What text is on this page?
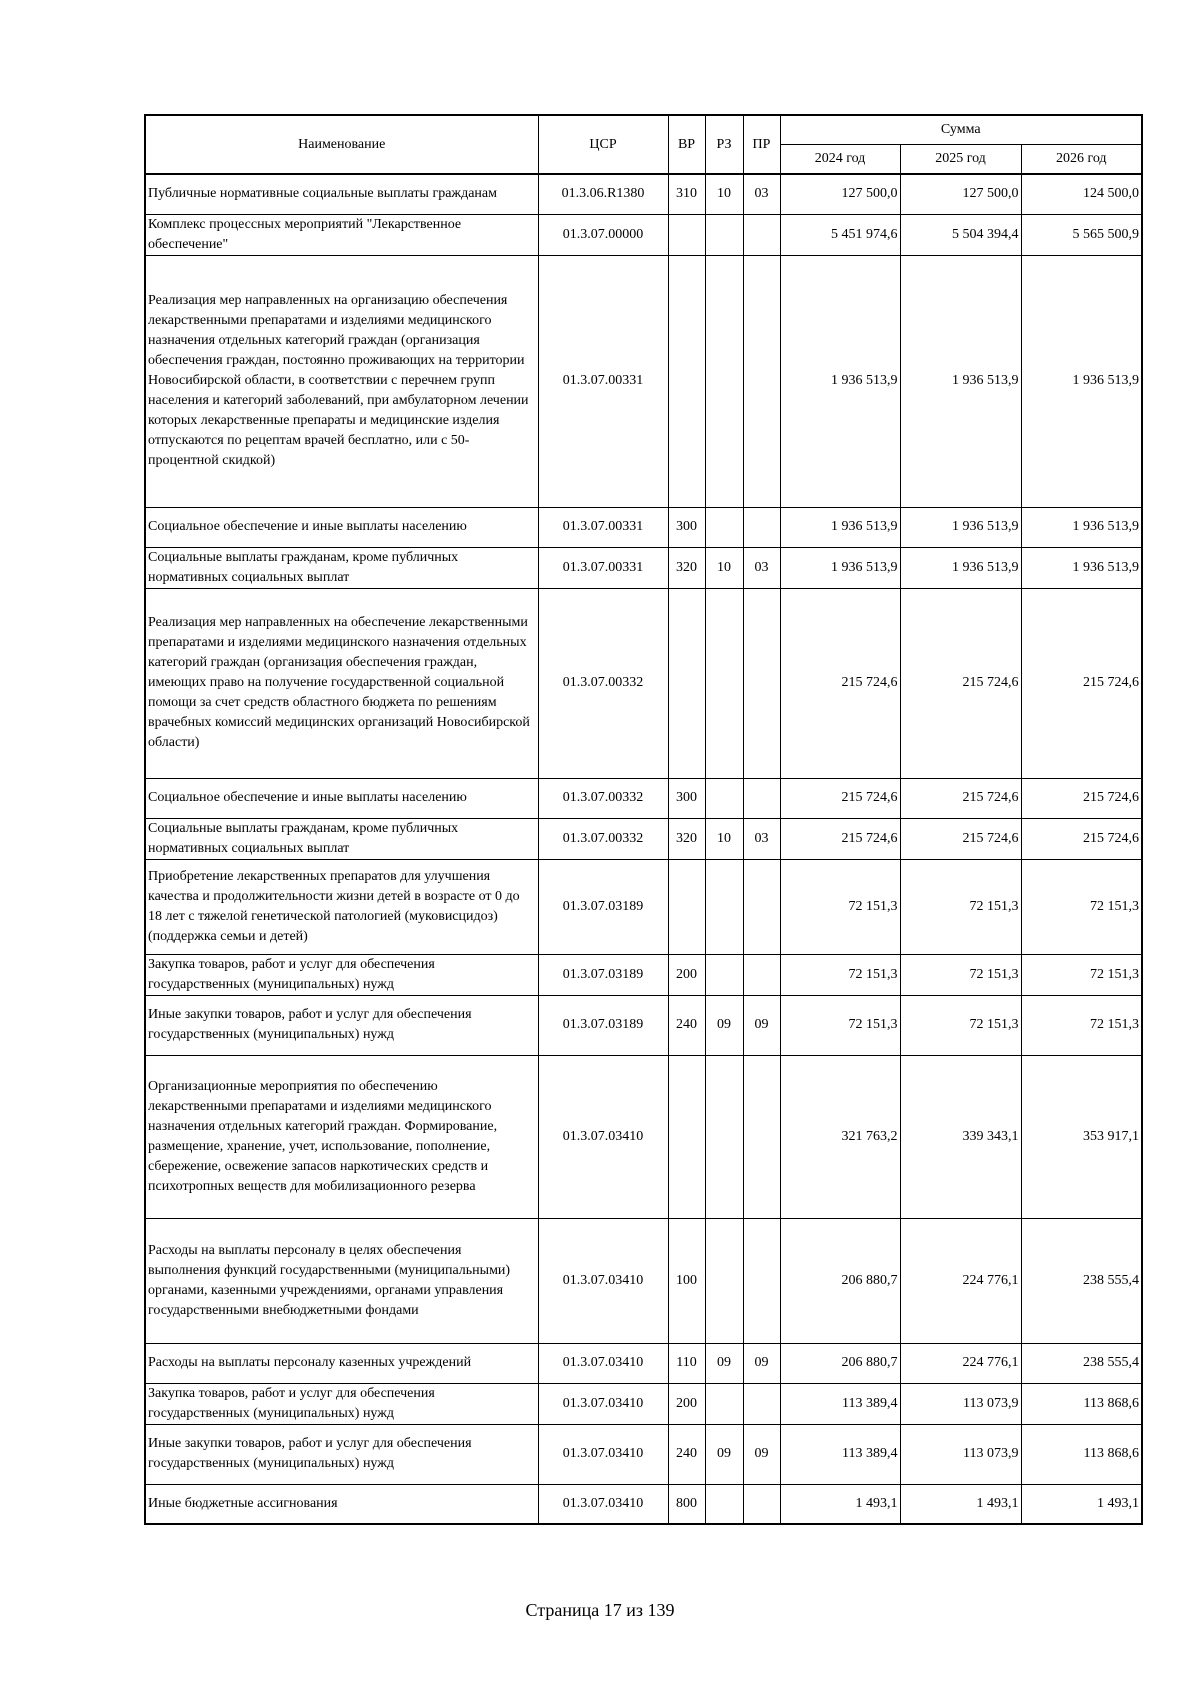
Наименование	ЦСР	ВР	РЗ	ПР	Сумма		
					2024 год	2025 год	2026 год
Публичные нормативные социальные выплаты гражданам	01.3.06.R1380	310	10	03	127 500,0	127 500,0	124 500,0
Комплекс процессных мероприятий "Лекарственное обеспечение"	01.3.07.00000				5 451 974,6	5 504 394,4	5 565 500,9
Реализация мер направленных на организацию обеспечения лекарственными препаратами и изделиями медицинского назначения отдельных категорий граждан (организация обеспечения граждан, постоянно проживающих на территории Новосибирской области, в соответствии с перечнем групп населения и категорий заболеваний, при амбулаторном лечении которых лекарственные препараты и медицинские изделия отпускаются по рецептам врачей бесплатно, или с 50-процентной скидкой)	01.3.07.00331				1 936 513,9	1 936 513,9	1 936 513,9
Социальное обеспечение и иные выплаты населению	01.3.07.00331	300			1 936 513,9	1 936 513,9	1 936 513,9
Социальные выплаты гражданам, кроме публичных нормативных социальных выплат	01.3.07.00331	320	10	03	1 936 513,9	1 936 513,9	1 936 513,9
Реализация мер направленных на обеспечение лекарственными препаратами и изделиями медицинского назначения отдельных категорий граждан (организация обеспечения граждан, имеющих право на получение государственной социальной помощи за счет средств областного бюджета по решениям врачебных комиссий медицинских организаций Новосибирской области)	01.3.07.00332				215 724,6	215 724,6	215 724,6
Социальное обеспечение и иные выплаты населению	01.3.07.00332	300			215 724,6	215 724,6	215 724,6
Социальные выплаты гражданам, кроме публичных нормативных социальных выплат	01.3.07.00332	320	10	03	215 724,6	215 724,6	215 724,6
Приобретение лекарственных препаратов для улучшения качества и продолжительности жизни детей в возрасте от 0 до 18 лет с тяжелой генетической патологией (муковисцидоз) (поддержка семьи и детей)	01.3.07.03189				72 151,3	72 151,3	72 151,3
Закупка товаров, работ и услуг для обеспечения государственных (муниципальных) нужд	01.3.07.03189	200			72 151,3	72 151,3	72 151,3
Иные закупки товаров, работ и услуг для обеспечения государственных (муниципальных) нужд	01.3.07.03189	240	09	09	72 151,3	72 151,3	72 151,3
Организационные мероприятия по обеспечению лекарственными препаратами и изделиями медицинского назначения отдельных категорий граждан. Формирование, размещение, хранение, учет, использование, пополнение, сбережение, освежение запасов наркотических средств и психотропных веществ для мобилизационного резерва	01.3.07.03410				321 763,2	339 343,1	353 917,1
Расходы на выплаты персоналу в целях обеспечения выполнения функций государственными (муниципальными) органами, казенными учреждениями, органами управления государственными внебюджетными фондами	01.3.07.03410	100			206 880,7	224 776,1	238 555,4
Расходы на выплаты персоналу казенных учреждений	01.3.07.03410	110	09	09	206 880,7	224 776,1	238 555,4
Закупка товаров, работ и услуг для обеспечения государственных (муниципальных) нужд	01.3.07.03410	200			113 389,4	113 073,9	113 868,6
Иные закупки товаров, работ и услуг для обеспечения государственных (муниципальных) нужд	01.3.07.03410	240	09	09	113 389,4	113 073,9	113 868,6
Иные бюджетные ассигнования	01.3.07.03410	800			1 493,1	1 493,1	1 493,1
Страница 17 из 139
